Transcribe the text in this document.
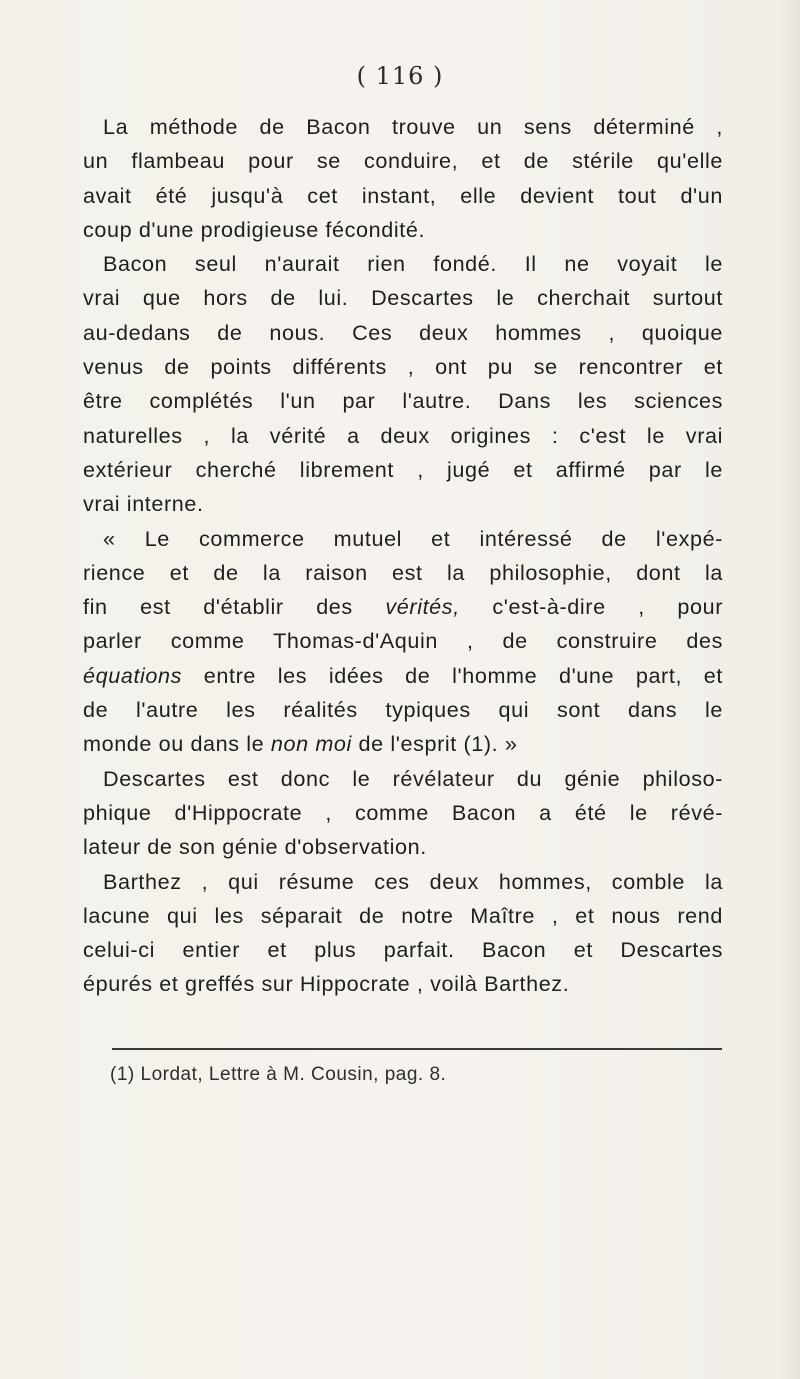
( 116 )
La méthode de Bacon trouve un sens déterminé ,
un flambeau pour se conduire, et de stérile qu'elle
avait été jusqu'à cet instant, elle devient tout d'un
coup d'une prodigieuse fécondité.
Bacon seul n'aurait rien fondé. Il ne voyait le
vrai que hors de lui. Descartes le cherchait surtout
au-dedans de nous. Ces deux hommes , quoique
venus de points différents , ont pu se rencontrer et
être complétés l'un par l'autre. Dans les sciences
naturelles , la vérité a deux origines : c'est le vrai
extérieur cherché librement , jugé et affirmé par le
vrai interne.
« Le commerce mutuel et intéressé de l'expé-
rience et de la raison est la philosophie, dont la
fin est d'établir des vérités, c'est-à-dire , pour
parler comme Thomas-d'Aquin , de construire des
équations entre les idées de l'homme d'une part, et
de l'autre les réalités typiques qui sont dans le
monde ou dans le non moi de l'esprit (1). »
Descartes est donc le révélateur du génie philoso-
phique d'Hippocrate , comme Bacon a été le révé-
lateur de son génie d'observation.
Barthez , qui résume ces deux hommes, comble la
lacune qui les séparait de notre Maître , et nous rend
celui-ci entier et plus parfait. Bacon et Descartes
épurés et greffés sur Hippocrate , voilà Barthez.
(1) Lordat, Lettre à M. Cousin, pag. 8.
